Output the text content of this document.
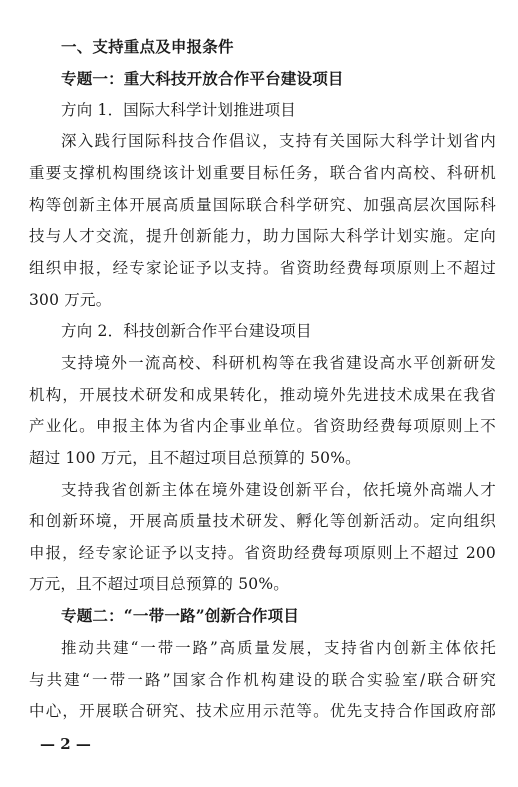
一、支持重点及申报条件
专题一：重大科技开放合作平台建设项目
方向 1．国际大科学计划推进项目
深入践行国际科技合作倡议，支持有关国际大科学计划省内
重要支撑机构围绕该计划重要目标任务，联合省内高校、科研机
构等创新主体开展高质量国际联合科学研究、加强高层次国际科
技与人才交流，提升创新能力，助力国际大科学计划实施。定向
组织申报，经专家论证予以支持。省资助经费每项原则上不超过
300 万元。
方向 2．科技创新合作平台建设项目
支持境外一流高校、科研机构等在我省建设高水平创新研发
机构，开展技术研发和成果转化，推动境外先进技术成果在我省
产业化。申报主体为省内企事业单位。省资助经费每项原则上不
超过 100 万元，且不超过项目总预算的 50%。
支持我省创新主体在境外建设创新平台，依托境外高端人才
和创新环境，开展高质量技术研发、孵化等创新活动。定向组织
申报，经专家论证予以支持。省资助经费每项原则上不超过 200
万元，且不超过项目总预算的 50%。
专题二：“一带一路”创新合作项目
推动共建“一带一路”高质量发展，支持省内创新主体依托
与共建“一带一路”国家合作机构建设的联合实验室/联合研究
中心，开展联合研究、技术应用示范等。优先支持合作国政府部
— 2 —
